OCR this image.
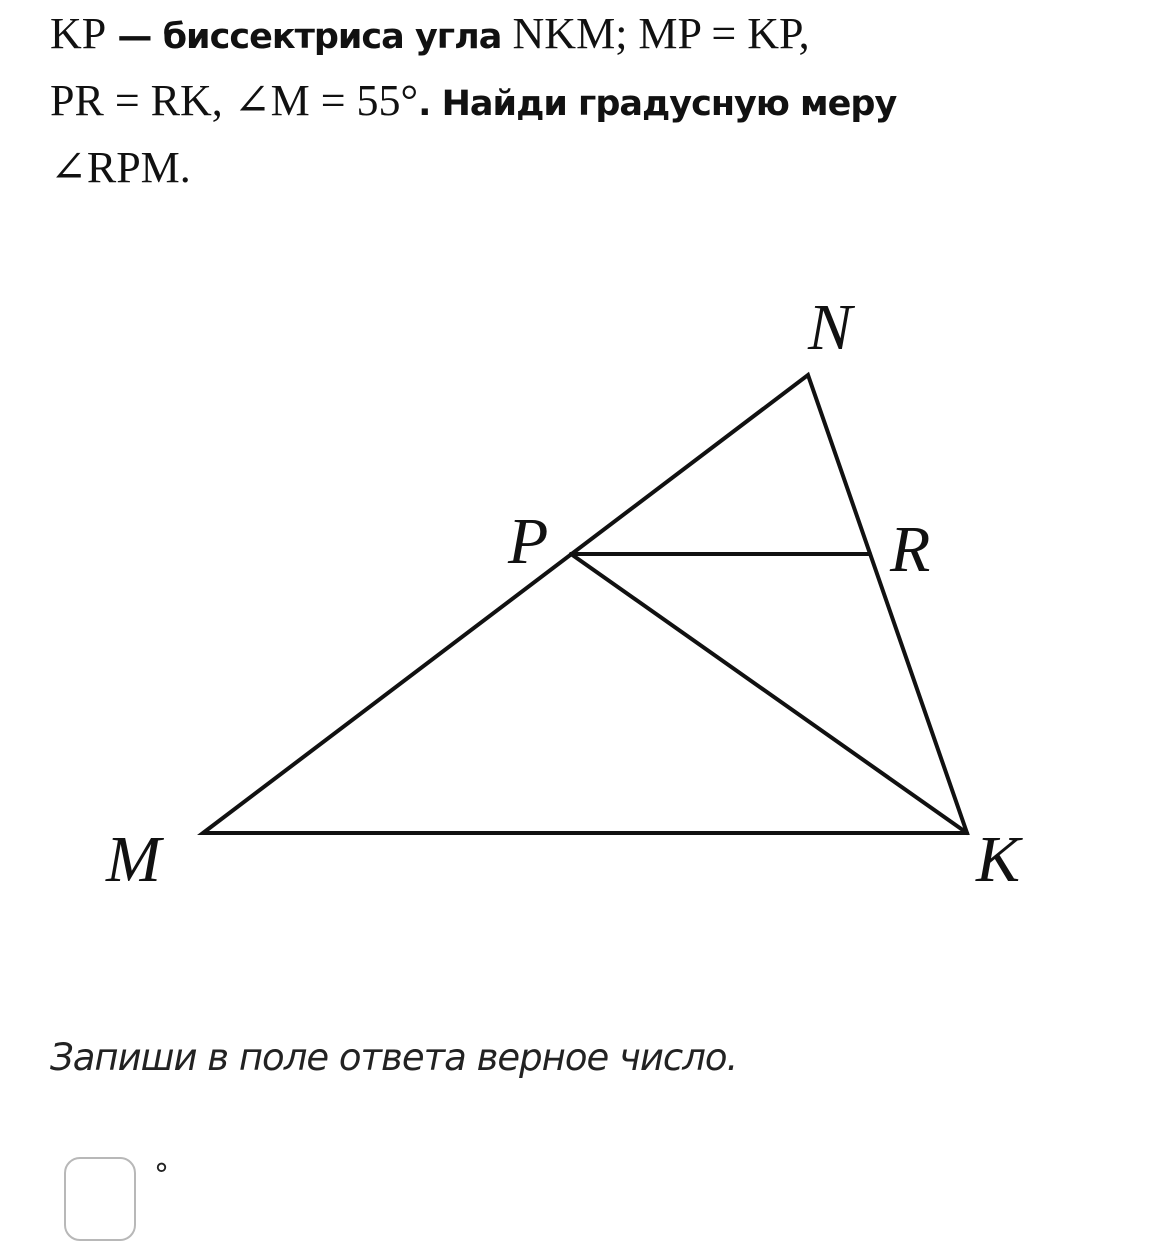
KP — биссектриса угла NKM; MP = KP,
PR = RK, ∠M = 55°. Найди градусную меру
∠RPM.
N
P	R
M	K
Запиши в поле ответа верное число.
°
